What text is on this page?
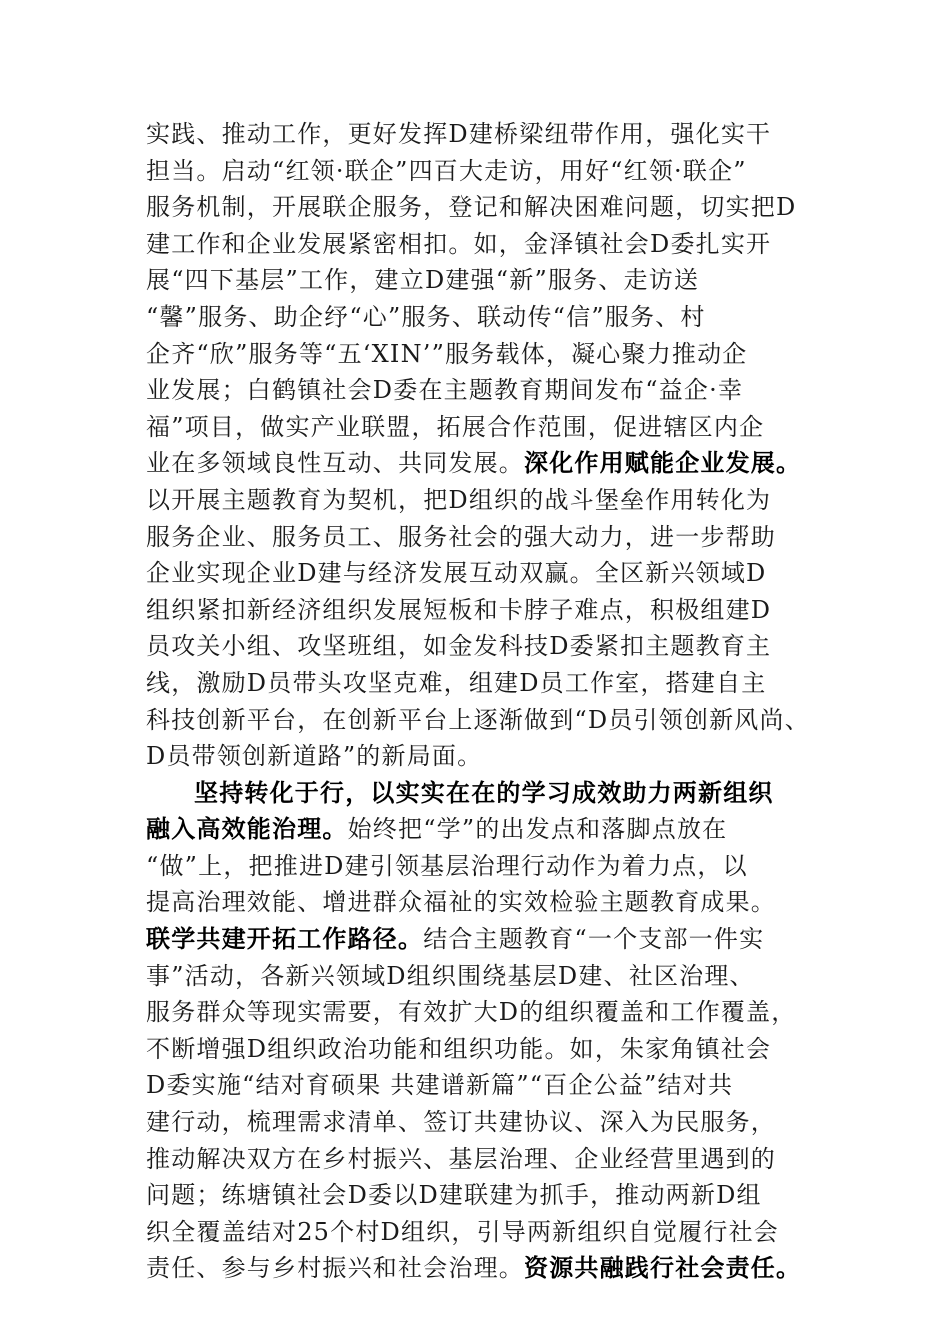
实践、推动工作，更好发挥D建桥梁纽带作用，强化实干
担当。启动“红领·联企”四百大走访，用好“红领·联企”
服务机制，开展联企服务，登记和解决困难问题，切实把D
建工作和企业发展紧密相扣。如，金泽镇社会D委扎实开
展“四下基层”工作，建立D建强“新”服务、走访送
“馨”服务、助企纾“心”服务、联动传“信”服务、村
企齐“欣”服务等“五‘XIN’”服务载体，凝心聚力推动企
业发展；白鹤镇社会D委在主题教育期间发布“益企·幸
福”项目，做实产业联盟，拓展合作范围，促进辖区内企
业在多领域良性互动、共同发展。深化作用赋能企业发展。
以开展主题教育为契机，把D组织的战斗堡垒作用转化为
服务企业、服务员工、服务社会的强大动力，进一步帮助
企业实现企业D建与经济发展互动双赢。全区新兴领域D
组织紧扣新经济组织发展短板和卡脖子难点，积极组建D
员攻关小组、攻坚班组，如金发科技D委紧扣主题教育主
线，激励D员带头攻坚克难，组建D员工作室，搭建自主
科技创新平台，在创新平台上逐渐做到“D员引领创新风尚、
D员带领创新道路”的新局面。
坚持转化于行，以实实在在的学习成效助力两新组织
融入高效能治理。始终把“学”的出发点和落脚点放在
“做”上，把推进D建引领基层治理行动作为着力点，以
提高治理效能、增进群众福祉的实效检验主题教育成果。
联学共建开拓工作路径。结合主题教育“一个支部一件实
事”活动，各新兴领域D组织围绕基层D建、社区治理、
服务群众等现实需要，有效扩大D的组织覆盖和工作覆盖，
不断增强D组织政治功能和组织功能。如，朱家角镇社会
D委实施“结对育硕果 共建谱新篇”“百企公益”结对共
建行动，梳理需求清单、签订共建协议、深入为民服务，
推动解决双方在乡村振兴、基层治理、企业经营里遇到的
问题；练塘镇社会D委以D建联建为抓手，推动两新D组
织全覆盖结对25个村D组织，引导两新组织自觉履行社会
责任、参与乡村振兴和社会治理。资源共融践行社会责任。
